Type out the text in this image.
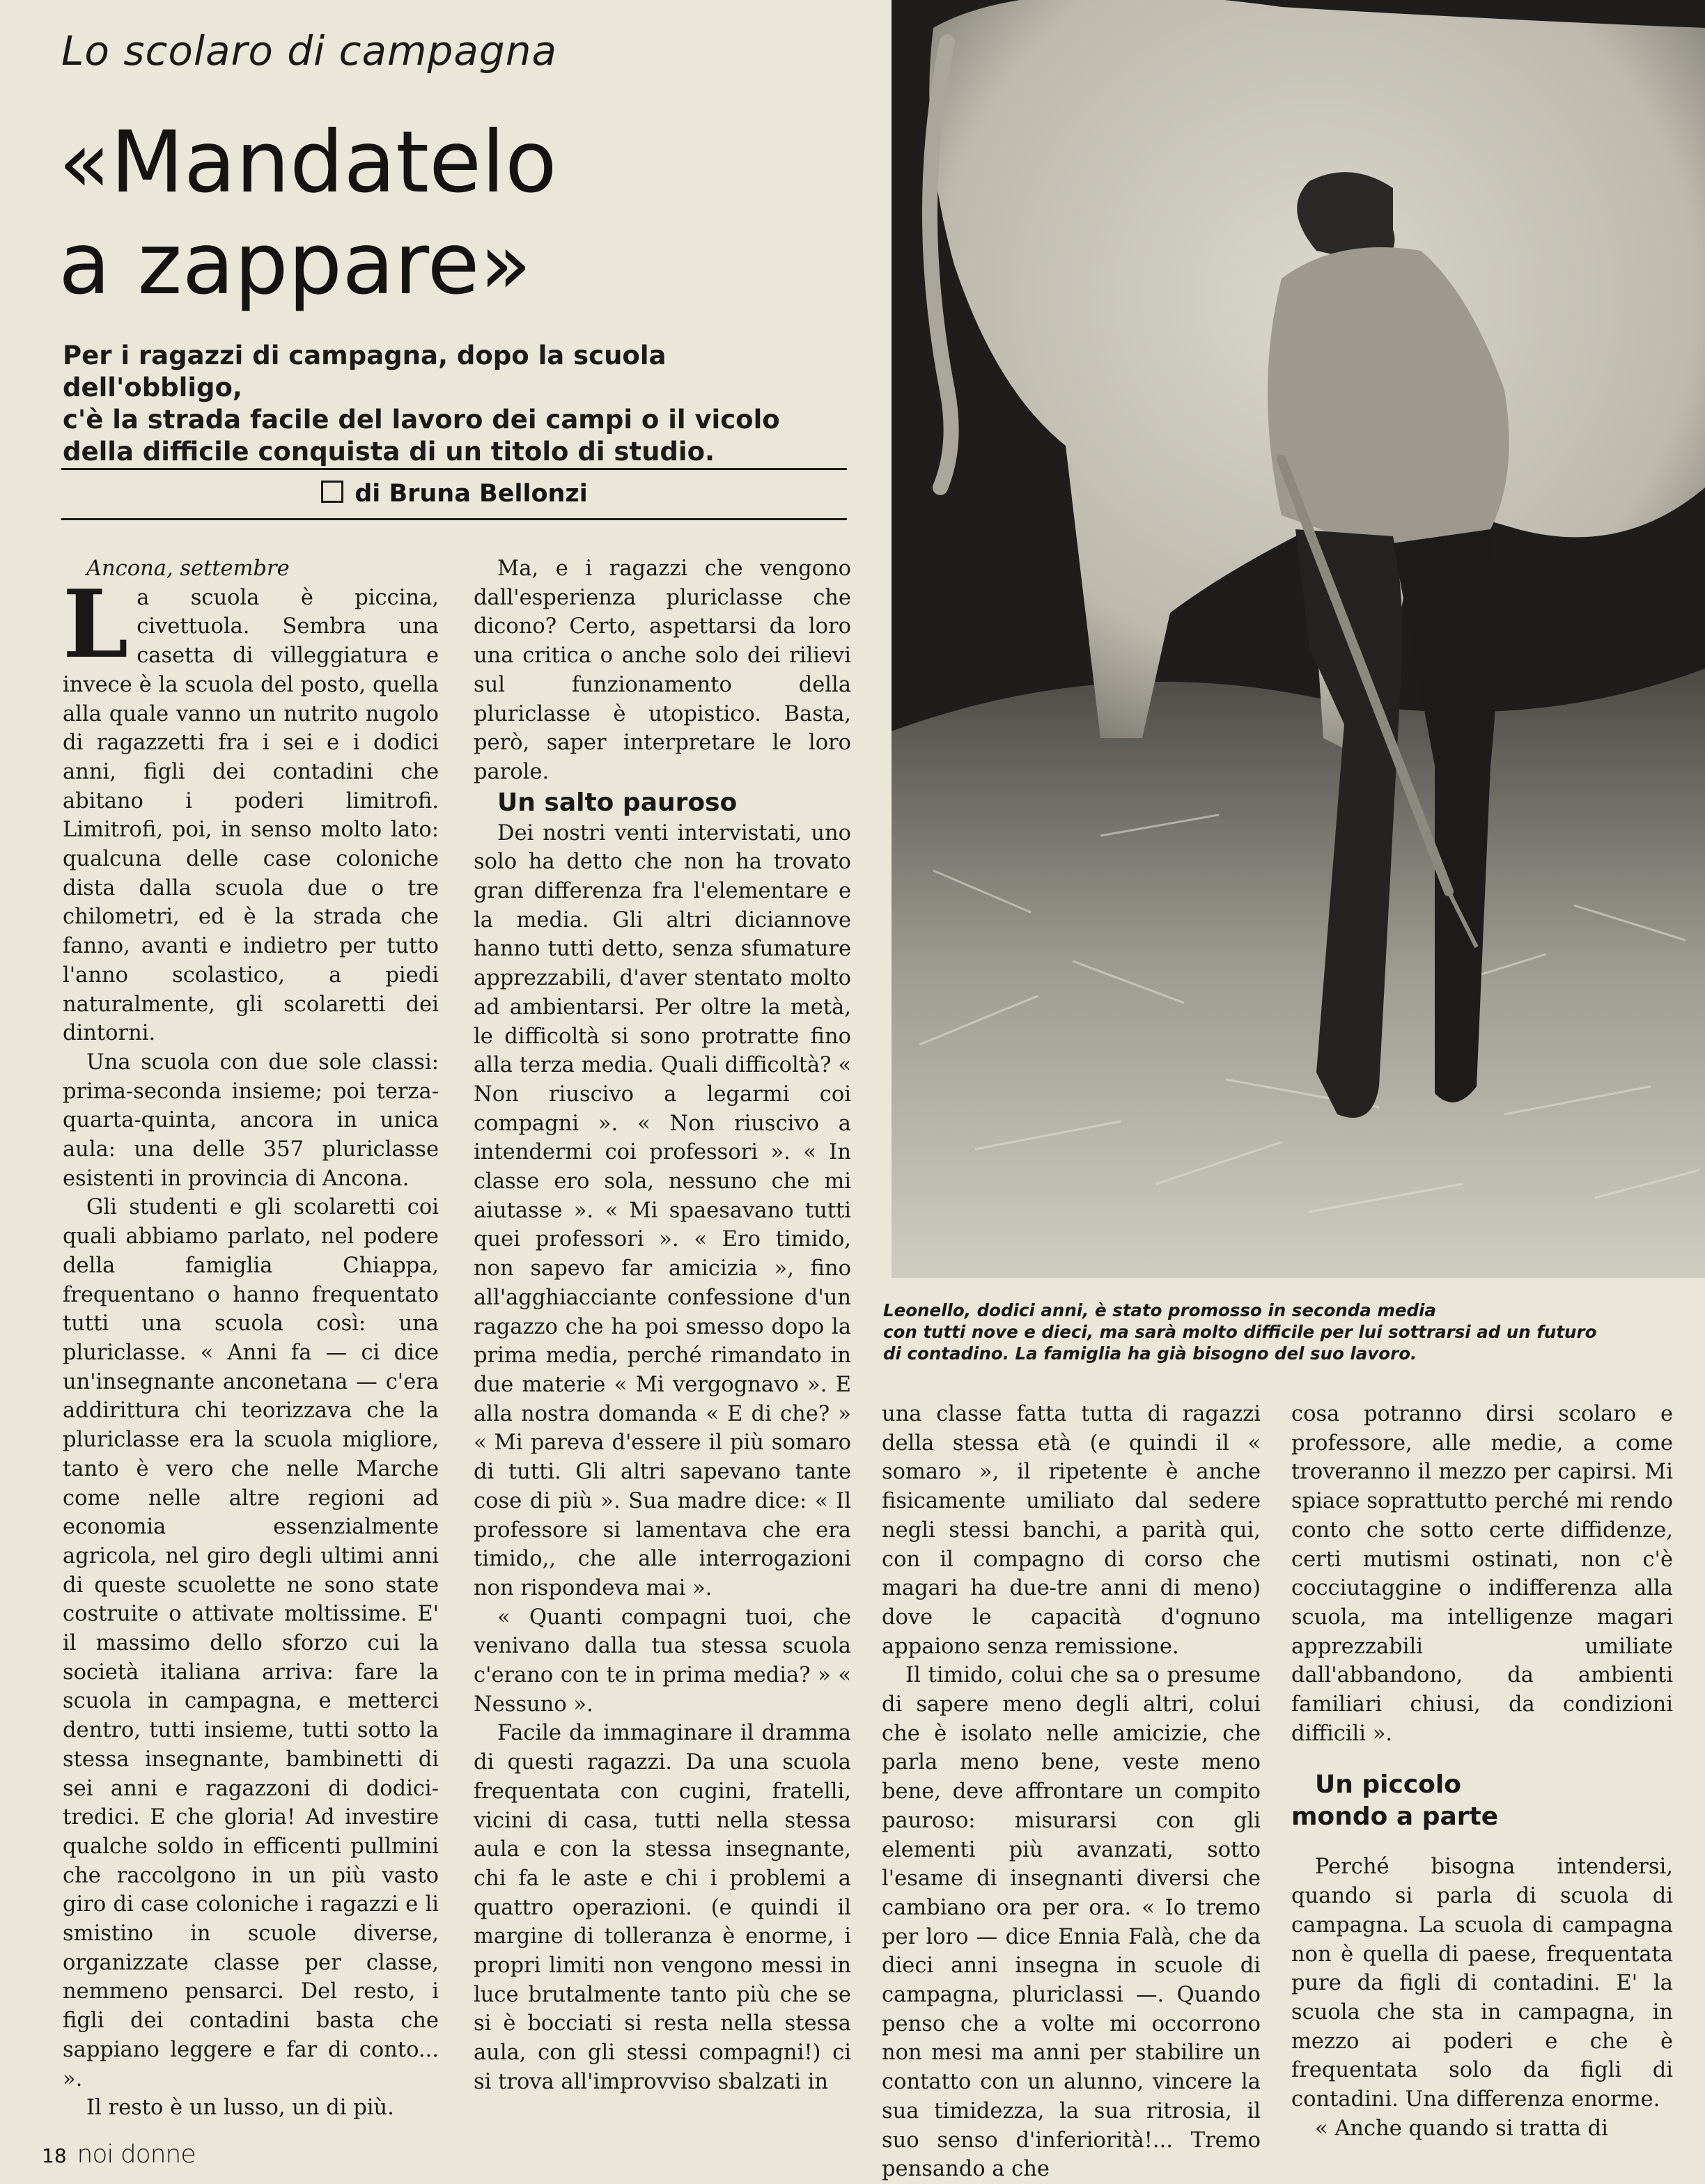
Lo scolaro di campagna
«Mandatelo
a zappare»
Per i ragazzi di campagna, dopo la scuola dell'obbligo,
c'è la strada facile del lavoro dei campi o il vicolo
della difficile conquista di un titolo di studio.
di Bruna Bellonzi

Ancona, settembre

La scuola è piccina, civettuola. Sembra una casetta di villeggiatura e invece è la scuola del posto, quella alla quale vanno un nutrito nugolo di ragazzetti fra i sei e i dodici anni, figli dei contadini che abitano i poderi limitrofi. Limitrofi, poi, in senso molto lato: qualcuna delle case coloniche dista dalla scuola due o tre chilometri, ed è la strada che fanno, avanti e indietro per tutto l'anno scolastico, a piedi naturalmente, gli scolaretti dei dintorni.

Una scuola con due sole classi: prima-seconda insieme; poi terza-quarta-quinta, ancora in unica aula: una delle 357 pluriclasse esistenti in provincia di Ancona.

Gli studenti e gli scolaretti coi quali abbiamo parlato, nel podere della famiglia Chiappa, frequentano o hanno frequentato tutti una scuola così: una pluriclasse. « Anni fa — ci dice un'insegnante anconetana — c'era addirittura chi teorizzava che la pluriclasse era la scuola migliore, tanto è vero che nelle Marche come nelle altre regioni ad economia essenzialmente agricola, nel giro degli ultimi anni di queste scuolette ne sono state costruite o attivate moltissime. E' il massimo dello sforzo cui la società italiana arriva: fare la scuola in campagna, e metterci dentro, tutti insieme, tutti sotto la stessa insegnante, bambinetti di sei anni e ragazzoni di dodici-tredici. E che gloria! Ad investire qualche soldo in efficenti pullmini che raccolgono in un più vasto giro di case coloniche i ragazzi e li smistino in scuole diverse, organizzate classe per classe, nemmeno pensarci. Del resto, i figli dei contadini basta che sappiano leggere e far di conto... ».

Il resto è un lusso, un di più.

Ma, e i ragazzi che vengono dall'esperienza pluriclasse che dicono? Certo, aspettarsi da loro una critica o anche solo dei rilievi sul funzionamento della pluriclasse è utopistico. Basta, però, saper interpretare le loro parole.

Un salto pauroso

Dei nostri venti intervistati, uno solo ha detto che non ha trovato gran differenza fra l'elementare e la media. Gli altri diciannove hanno tutti detto, senza sfumature apprezzabili, d'aver stentato molto ad ambientarsi. Per oltre la metà, le difficoltà si sono protratte fino alla terza media. Quali difficoltà? « Non riuscivo a legarmi coi compagni ». « Non riuscivo a intendermi coi professori ». « In classe ero sola, nessuno che mi aiutasse ». « Mi spaesavano tutti quei professori ». « Ero timido, non sapevo far amicizia », fino all'agghiacciante confessione d'un ragazzo che ha poi smesso dopo la prima media, perché rimandato in due materie « Mi vergognavo ». E alla nostra domanda « E di che? » « Mi pareva d'essere il più somaro di tutti. Gli altri sapevano tante cose di più ». Sua madre dice: « Il professore si lamentava che era timido,, che alle interrogazioni non rispondeva mai ».

« Quanti compagni tuoi, che venivano dalla tua stessa scuola c'erano con te in prima media? » « Nessuno ».

Facile da immaginare il dramma di questi ragazzi. Da una scuola frequentata con cugini, fratelli, vicini di casa, tutti nella stessa aula e con la stessa insegnante, chi fa le aste e chi i problemi a quattro operazioni. (e quindi il margine di tolleranza è enorme, i propri limiti non vengono messi in luce brutalmente tanto più che se si è bocciati si resta nella stessa aula, con gli stessi compagni!) ci si trova all'improvviso sbalzati in

Leonello, dodici anni, è stato promosso in seconda media
con tutti nove e dieci, ma sarà molto difficile per lui sottrarsi ad un futuro
di contadino. La famiglia ha già bisogno del suo lavoro.

una classe fatta tutta di ragazzi della stessa età (e quindi il « somaro », il ripetente è anche fisicamente umiliato dal sedere negli stessi banchi, a parità qui, con il compagno di corso che magari ha due-tre anni di meno) dove le capacità d'ognuno appaiono senza remissione.

Il timido, colui che sa o presume di sapere meno degli altri, colui che è isolato nelle amicizie, che parla meno bene, veste meno bene, deve affrontare un compito pauroso: misurarsi con gli elementi più avanzati, sotto l'esame di insegnanti diversi che cambiano ora per ora. « Io tremo per loro — dice Ennia Falà, che da dieci anni insegna in scuole di campagna, pluriclassi —. Quando penso che a volte mi occorrono non mesi ma anni per stabilire un contatto con un alunno, vincere la sua timidezza, la sua ritrosia, il suo senso d'inferiorità!... Tremo pensando a che

cosa potranno dirsi scolaro e professore, alle medie, a come troveranno il mezzo per capirsi. Mi spiace soprattutto perché mi rendo conto che sotto certe diffidenze, certi mutismi ostinati, non c'è cocciutaggine o indifferenza alla scuola, ma intelligenze magari apprezzabili umiliate dall'abbandono, da ambienti familiari chiusi, da condizioni difficili ».

Un piccolo
mondo a parte

Perché bisogna intendersi, quando si parla di scuola di campagna. La scuola di campagna non è quella di paese, frequentata pure da figli di contadini. E' la scuola che sta in campagna, in mezzo ai poderi e che è frequentata solo da figli di contadini. Una differenza enorme.

« Anche quando si tratta di

18 noi donne
